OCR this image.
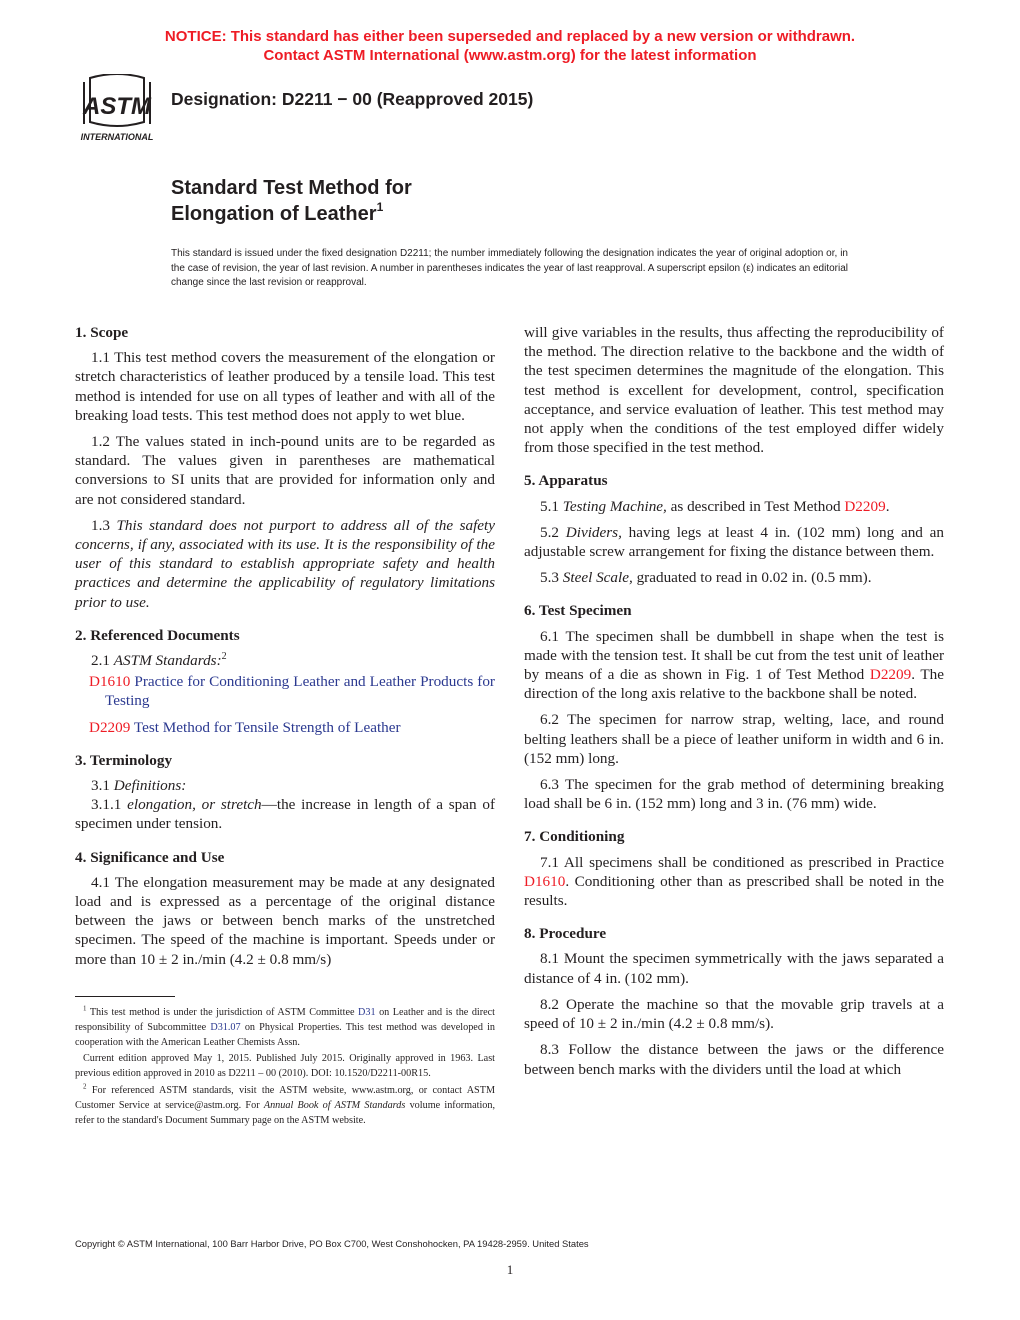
NOTICE: This standard has either been superseded and replaced by a new version or withdrawn.
Contact ASTM International (www.astm.org) for the latest information
ASTM
INTERNATIONAL
Designation: D2211 − 00 (Reapproved 2015)
Standard Test Method for
Elongation of Leather$^1$
This standard is issued under the fixed designation D2211; the number immediately following the designation indicates the year of original adoption or, in the case of revision, the year of last revision. A number in parentheses indicates the year of last reapproval. A superscript epsilon (ε) indicates an editorial change since the last revision or reapproval.
1. Scope

1.1 This test method covers the measurement of the elongation or stretch characteristics of leather produced by a tensile load. This test method is intended for use on all types of leather and with all of the breaking load tests. This test method does not apply to wet blue.

1.2 The values stated in inch-pound units are to be regarded as standard. The values given in parentheses are mathematical conversions to SI units that are provided for information only and are not considered standard.

1.3 This standard does not purport to address all of the safety concerns, if any, associated with its use. It is the responsibility of the user of this standard to establish appropriate safety and health practices and determine the applicability of regulatory limitations prior to use.

2. Referenced Documents

2.1 ASTM Standards:$^2$

D1610 Practice for Conditioning Leather and Leather Products for Testing

D2209 Test Method for Tensile Strength of Leather

3. Terminology

3.1 Definitions:

3.1.1 elongation, or stretch—the increase in length of a span of specimen under tension.

4. Significance and Use

4.1 The elongation measurement may be made at any designated load and is expressed as a percentage of the original distance between the jaws or between bench marks of the unstretched specimen. The speed of the machine is important. Speeds under or more than 10 ± 2 in./min (4.2 ± 0.8 mm/s)

$^1$ This test method is under the jurisdiction of ASTM Committee D31 on Leather and is the direct responsibility of Subcommittee D31.07 on Physical Properties. This test method was developed in cooperation with the American Leather Chemists Assn.

Current edition approved May 1, 2015. Published July 2015. Originally approved in 1963. Last previous edition approved in 2010 as D2211 – 00 (2010). DOI: 10.1520/D2211-00R15.

$^2$ For referenced ASTM standards, visit the ASTM website, www.astm.org, or contact ASTM Customer Service at service@astm.org. For Annual Book of ASTM Standards volume information, refer to the standard's Document Summary page on the ASTM website.

will give variables in the results, thus affecting the reproducibility of the method. The direction relative to the backbone and the width of the test specimen determines the magnitude of the elongation. This test method is excellent for development, control, specification acceptance, and service evaluation of leather. This test method may not apply when the conditions of the test employed differ widely from those specified in the test method.

5. Apparatus

5.1 Testing Machine, as described in Test Method D2209.

5.2 Dividers, having legs at least 4 in. (102 mm) long and an adjustable screw arrangement for fixing the distance between them.

5.3 Steel Scale, graduated to read in 0.02 in. (0.5 mm).

6. Test Specimen

6.1 The specimen shall be dumbbell in shape when the test is made with the tension test. It shall be cut from the test unit of leather by means of a die as shown in Fig. 1 of Test Method D2209. The direction of the long axis relative to the backbone shall be noted.

6.2 The specimen for narrow strap, welting, lace, and round belting leathers shall be a piece of leather uniform in width and 6 in. (152 mm) long.

6.3 The specimen for the grab method of determining breaking load shall be 6 in. (152 mm) long and 3 in. (76 mm) wide.

7. Conditioning

7.1 All specimens shall be conditioned as prescribed in Practice D1610. Conditioning other than as prescribed shall be noted in the results.

8. Procedure

8.1 Mount the specimen symmetrically with the jaws separated a distance of 4 in. (102 mm).

8.2 Operate the machine so that the movable grip travels at a speed of 10 ± 2 in./min (4.2 ± 0.8 mm/s).

8.3 Follow the distance between the jaws or the difference between bench marks with the dividers until the load at which

Copyright © ASTM International, 100 Barr Harbor Drive, PO Box C700, West Conshohocken, PA 19428-2959. United States
1
